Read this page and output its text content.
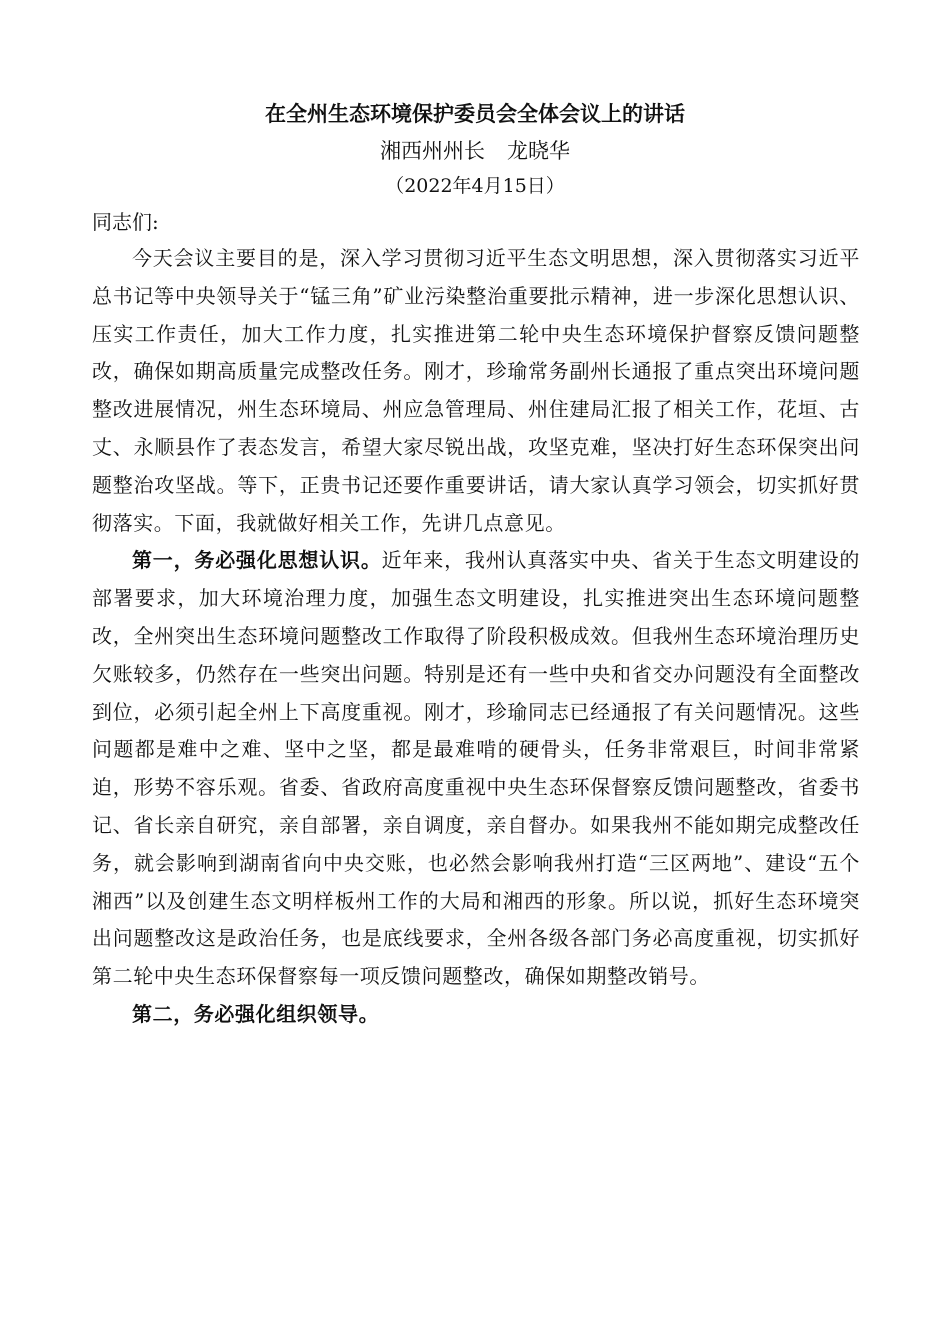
在全州生态环境保护委员会全体会议上的讲话
湘西州州长 龙晓华
（2022年4月15日）
同志们:

今天会议主要目的是，深入学习贯彻习近平生态文明思想，深入贯彻落实习近平总书记等中央领导关于“锰三角”矿业污染整治重要批示精神，进一步深化思想认识、压实工作责任，加大工作力度，扎实推进第二轮中央生态环境保护督察反馈问题整改，确保如期高质量完成整改任务。刚才，珍瑜常务副州长通报了重点突出环境问题整改进展情况，州生态环境局、州应急管理局、州住建局汇报了相关工作，花垣、古丈、永顺县作了表态发言，希望大家尽锐出战，攻坚克难，坚决打好生态环保突出问题整治攻坚战。等下，正贵书记还要作重要讲话，请大家认真学习领会，切实抓好贯彻落实。下面，我就做好相关工作，先讲几点意见。

第一，务必强化思想认识。近年来，我州认真落实中央、省关于生态文明建设的部署要求，加大环境治理力度，加强生态文明建设，扎实推进突出生态环境问题整改，全州突出生态环境问题整改工作取得了阶段积极成效。但我州生态环境治理历史欠账较多，仍然存在一些突出问题。特别是还有一些中央和省交办问题没有全面整改到位，必须引起全州上下高度重视。刚才，珍瑜同志已经通报了有关问题情况。这些问题都是难中之难、坚中之坚，都是最难啃的硬骨头，任务非常艰巨，时间非常紧迫，形势不容乐观。省委、省政府高度重视中央生态环保督察反馈问题整改，省委书记、省长亲自研究，亲自部署，亲自调度，亲自督办。如果我州不能如期完成整改任务，就会影响到湖南省向中央交账，也必然会影响我州打造“三区两地”、建设“五个湘西”以及创建生态文明样板州工作的大局和湘西的形象。所以说，抓好生态环境突出问题整改这是政治任务，也是底线要求，全州各级各部门务必高度重视，切实抓好第二轮中央生态环保督察每一项反馈问题整改，确保如期整改销号。

第二，务必强化组织领导。
